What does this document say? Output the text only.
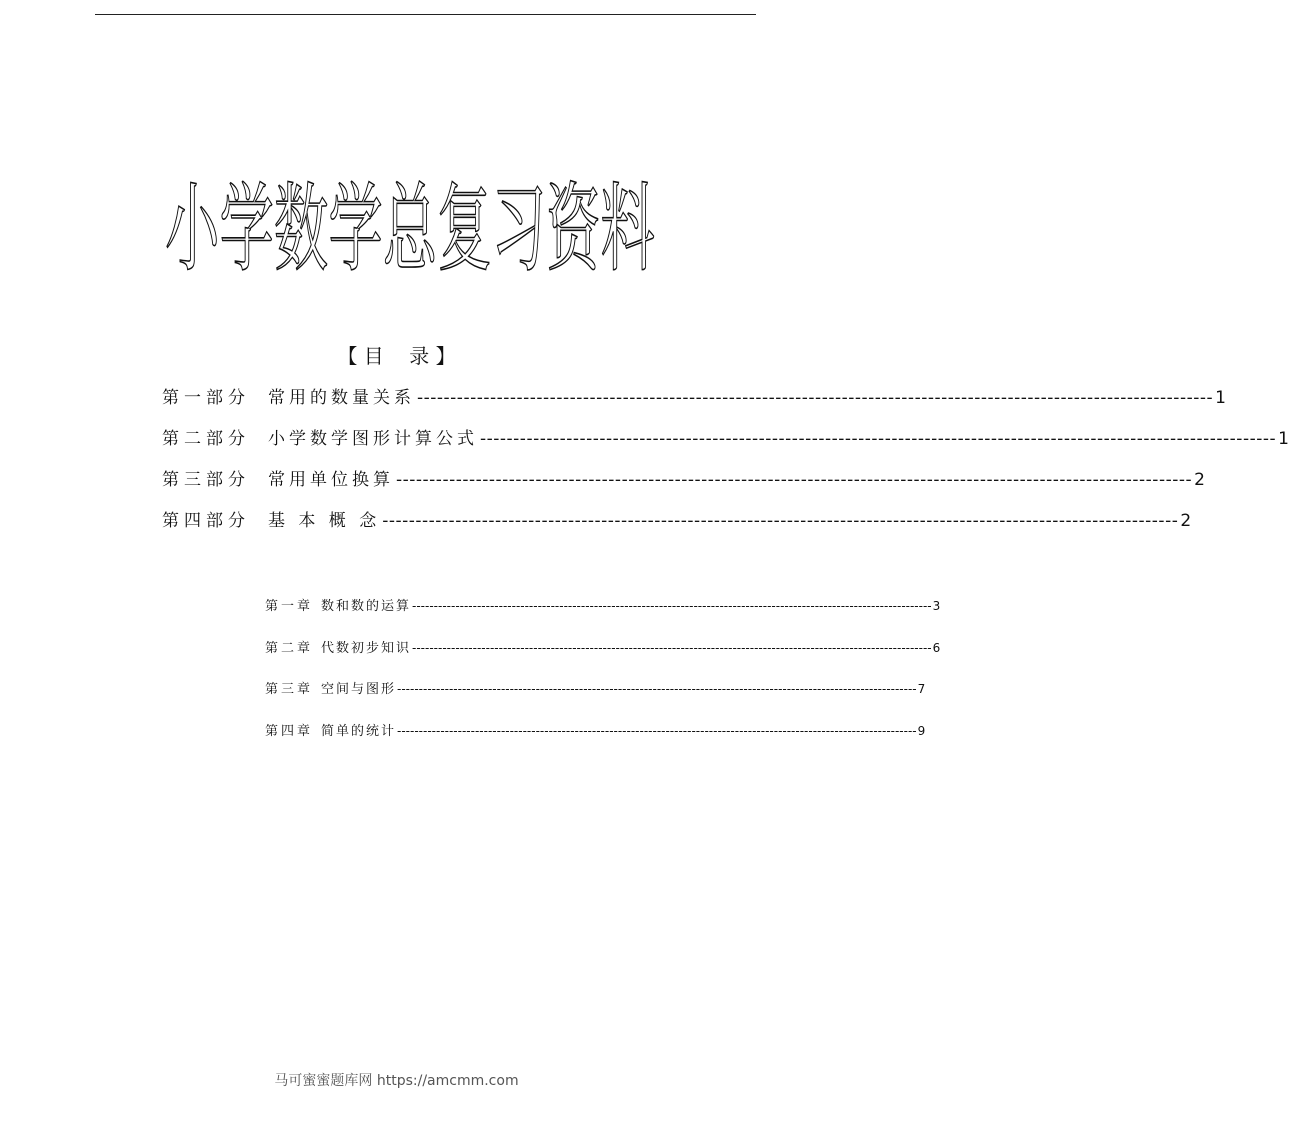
小学数学总复习资料
【 目    录 】
第一部分	常用的数量关系 ------------------------------------------------------------------------------------------------------------------------ 1
第二部分	小学数学图形计算公式 ------------------------------------------------------------------------------------------------------------------------ 1
第三部分	常用单位换算 ------------------------------------------------------------------------------------------------------------------------ 2
第四部分	基 本 概 念 ------------------------------------------------------------------------------------------------------------------------ 2
第一章 数和数的运算 ------------------------------------------------------------------------------------------------------------------------ 3
第二章 代数初步知识 ------------------------------------------------------------------------------------------------------------------------ 6
第三章 空间与图形 ------------------------------------------------------------------------------------------------------------------------ 7
第四章 简单的统计 ------------------------------------------------------------------------------------------------------------------------ 9
马可蜜蜜题库网 https://amcmm.com
